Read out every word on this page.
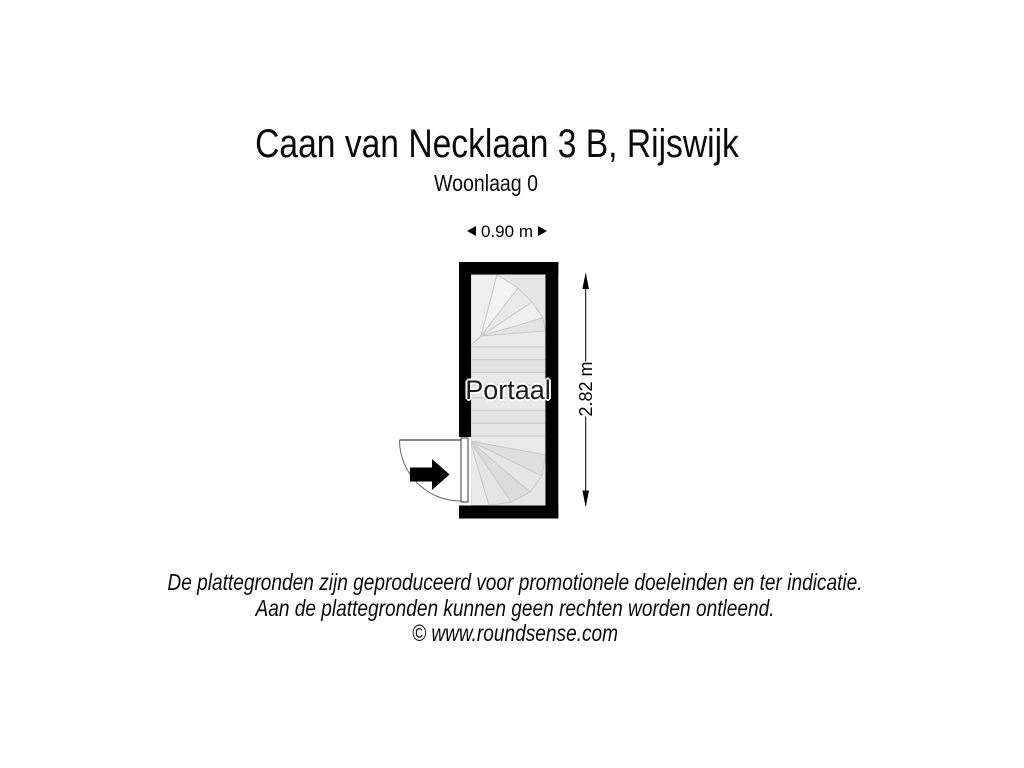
Caan van Necklaan 3 B, Rijswijk
Woonlaag 0
0.90 m
2.82 m
Portaal
De plattegronden zijn geproduceerd voor promotionele doeleinden en ter indicatie.
Aan de plattegronden kunnen geen rechten worden ontleend.
© www.roundsense.com
